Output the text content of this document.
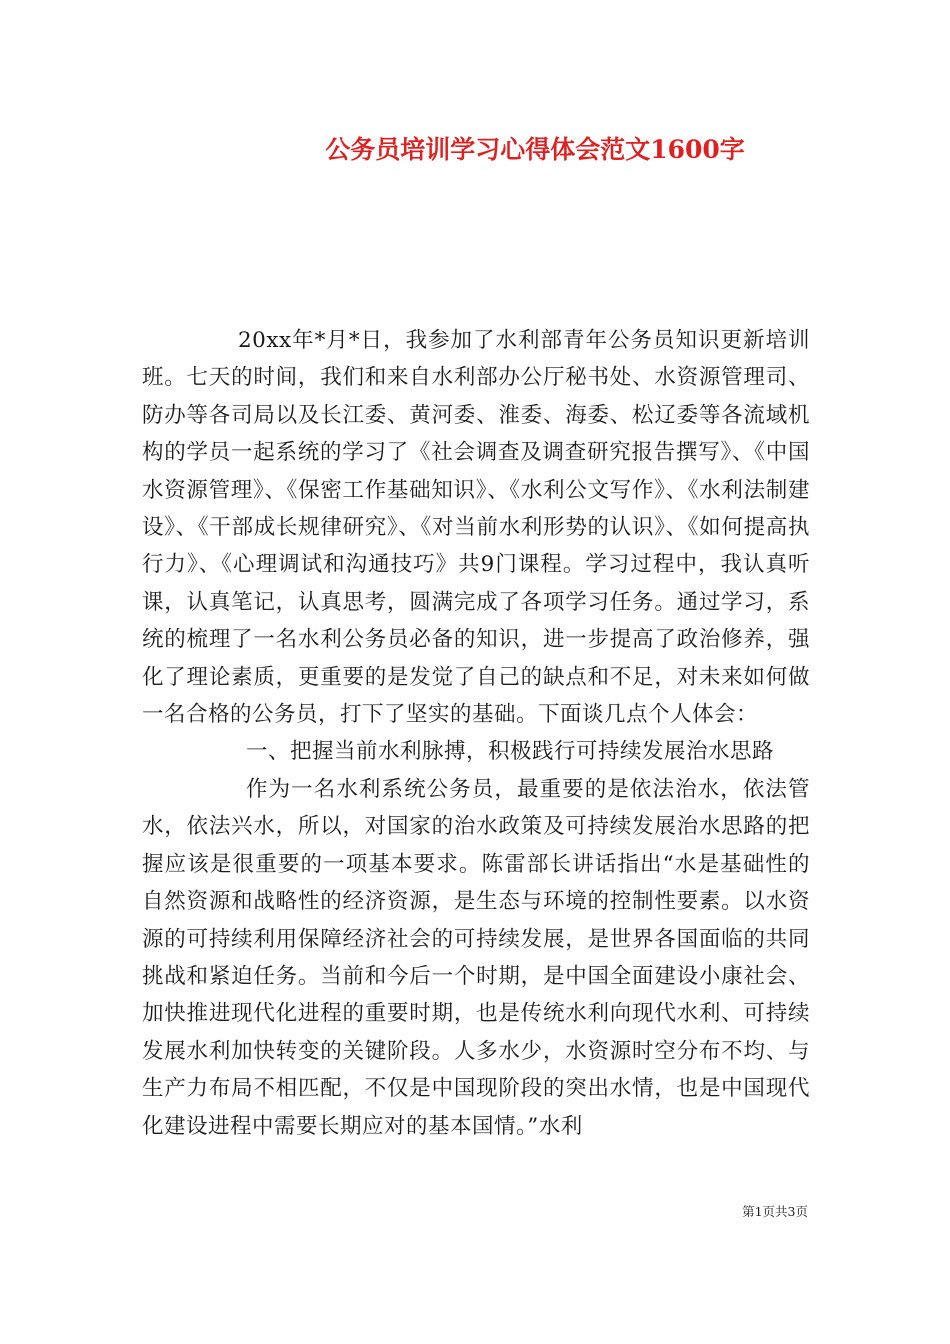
公务员培训学习心得体会范文1600字

20xx年*月*日，我参加了水利部青年公务员知识更新培训班。七天的时间，我们和来自水利部办公厅秘书处、水资源管理司、防办等各司局以及长江委、黄河委、淮委、海委、松辽委等各流域机构的学员一起系统的学习了《社会调查及调查研究报告撰写》、《中国水资源管理》、《保密工作基础知识》、《水利公文写作》、《水利法制建设》、《干部成长规律研究》、《对当前水利形势的认识》、《如何提高执行力》、《心理调试和沟通技巧》共9门课程。学习过程中，我认真听课，认真笔记，认真思考，圆满完成了各项学习任务。通过学习，系统的梳理了一名水利公务员必备的知识，进一步提高了政治修养，强化了理论素质，更重要的是发觉了自己的缺点和不足，对未来如何做一名合格的公务员，打下了坚实的基础。下面谈几点个人体会：

一、把握当前水利脉搏，积极践行可持续发展治水思路

作为一名水利系统公务员，最重要的是依法治水，依法管水，依法兴水，所以，对国家的治水政策及可持续发展治水思路的把握应该是很重要的一项基本要求。陈雷部长讲话指出“水是基础性的自然资源和战略性的经济资源，是生态与环境的控制性要素。以水资源的可持续利用保障经济社会的可持续发展，是世界各国面临的共同挑战和紧迫任务。当前和今后一个时期，是中国全面建设小康社会、加快推进现代化进程的重要时期，也是传统水利向现代水利、可持续发展水利加快转变的关键阶段。人多水少，水资源时空分布不均、与生产力布局不相匹配，不仅是中国现阶段的突出水情，也是中国现代化建设进程中需要长期应对的基本国情。”水利

第1页共3页
